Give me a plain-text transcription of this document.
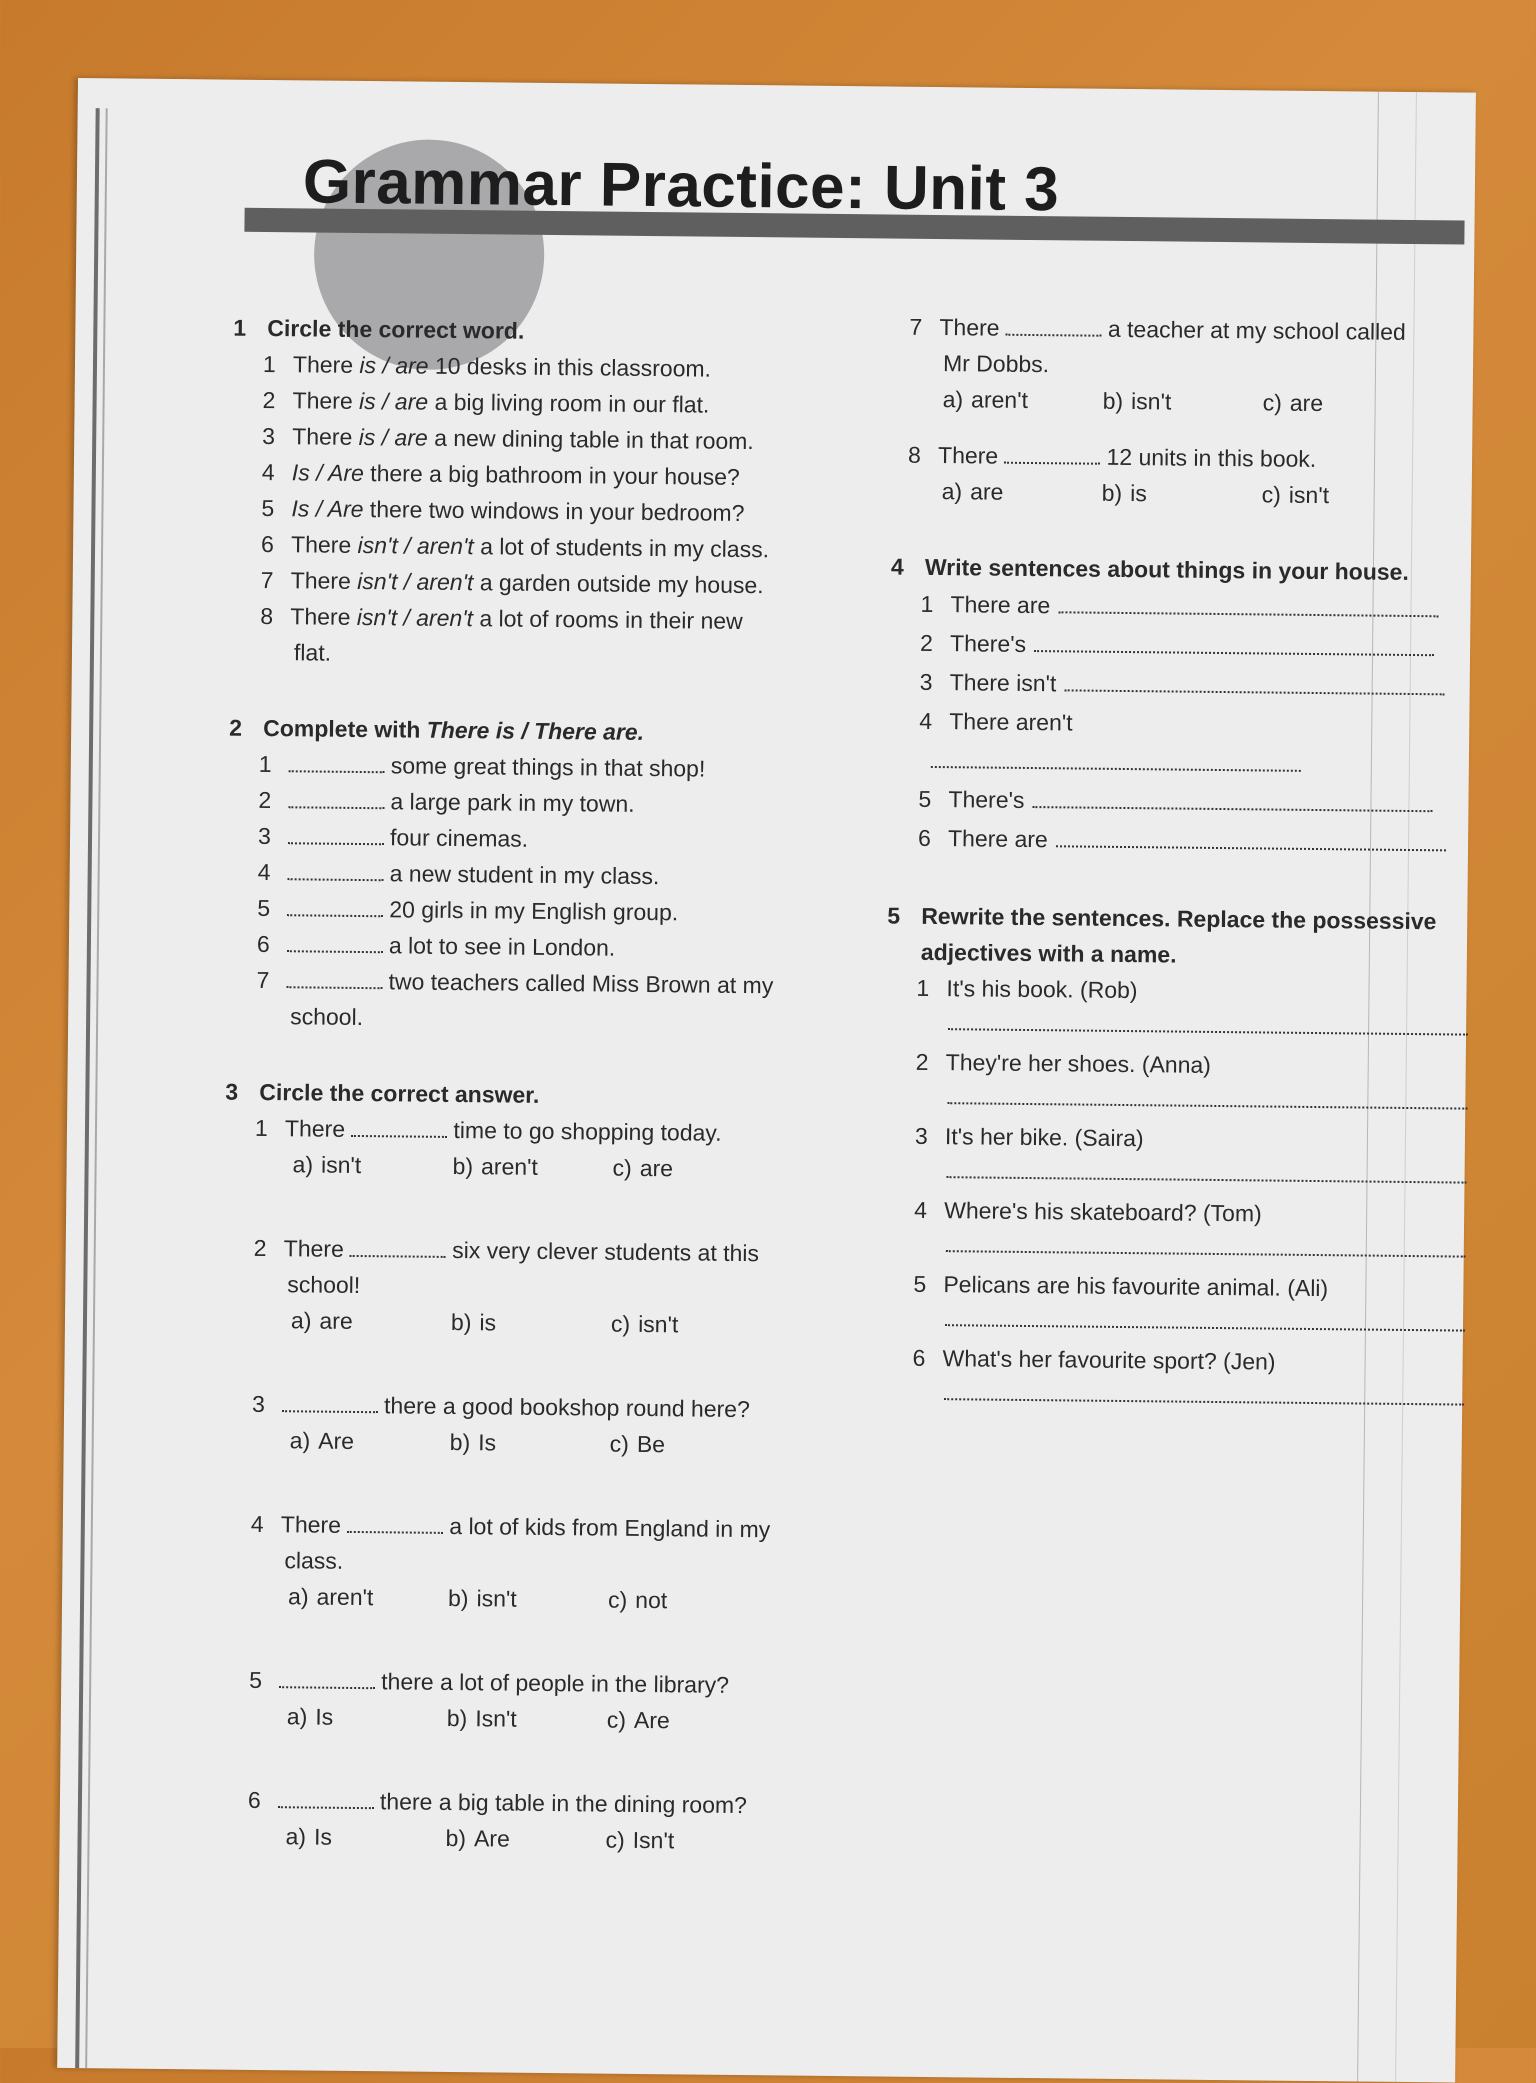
Grammar Practice: Unit 3

1 Circle the correct word.

1 There is / are 10 desks in this classroom.
2 There is / are a big living room in our flat.
3 There is / are a new dining table in that room.
4 Is / Are there a big bathroom in your house?
5 Is / Are there two windows in your bedroom?
6 There isn't / aren't a lot of students in my class.
7 There isn't / aren't a garden outside my house.
8 There isn't / aren't a lot of rooms in their new
flat.

2 Complete with There is / There are.

1	some great things in that shop!
2	a large park in my town.
3	four cinemas.
4	a new student in my class.
5	20 girls in my English group.
6	a lot to see in London.
7	two teachers called Miss Brown at my
school.

3 Circle the correct answer.

1 There	time to go shopping today.
a) isn't	b) aren't	c) are
2 There	six very clever students at this
school!
a) are	b) is	c) isn't
3	there a good bookshop round here?
a) Are	b) Is	c) Be
4 There	a lot of kids from England in my
class.
a) aren't	b) isn't	c) not
5	there a lot of people in the library?
a) Is	b) Isn't	c) Are
6	there a big table in the dining room?
a) Is	b) Are	c) Isn't
7 There	a teacher at my school called
Mr Dobbs.
a) aren't	b) isn't	c) are
8 There	12 units in this book.
a) are	b) is	c) isn't

4 Write sentences about things in your house.

1 There are
2 There's
3 There isn't
4 There aren't
5 There's
6 There are

5 Rewrite the sentences. Replace the possessive

adjectives with a name.

1 It's his book. (Rob)
2 They're her shoes. (Anna)
3 It's her bike. (Saira)
4 Where's his skateboard? (Tom)
5 Pelicans are his favourite animal. (Ali)
6 What's her favourite sport? (Jen)
